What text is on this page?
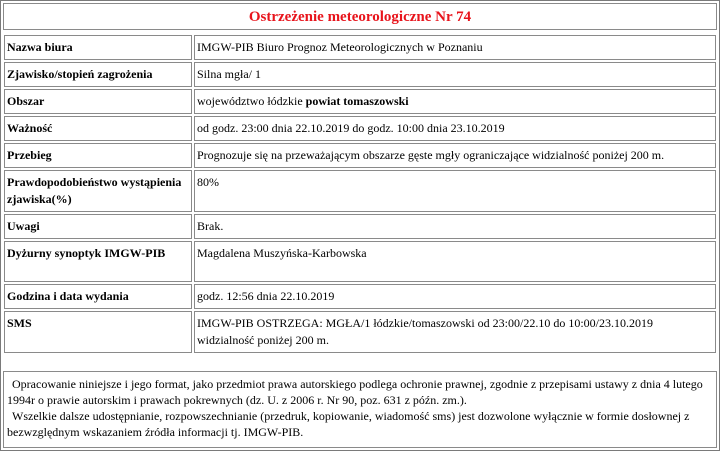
Ostrzeżenie meteorologiczne Nr 74
Nazwa biura	IMGW-PIB Biuro Prognoz Meteorologicznych w Poznaniu
Zjawisko/stopień zagrożenia	Silna mgła/ 1
Obszar	województwo łódzkie powiat tomaszowski
Ważność	od godz. 23:00 dnia 22.10.2019 do godz. 10:00 dnia 23.10.2019
Przebieg	Prognozuje się na przeważającym obszarze gęste mgły ograniczające widzialność poniżej 200 m.
Prawdopodobieństwo wystąpienia zjawiska(%)	80%
Uwagi	Brak.
Dyżurny synoptyk IMGW-PIB	Magdalena Muszyńska-Karbowska
Godzina i data wydania	godz. 12:56 dnia 22.10.2019
SMS	IMGW-PIB OSTRZEGA: MGŁA/1 łódzkie/tomaszowski od 23:00/22.10 do 10:00/23.10.2019 widzialność poniżej 200 m.

Opracowanie niniejsze i jego format, jako przedmiot prawa autorskiego podlega ochronie prawnej, zgodnie z przepisami ustawy z dnia 4 lutego 1994r o prawie autorskim i prawach pokrewnych (dz. U. z 2006 r. Nr 90, poz. 631 z późn. zm.).

Wszelkie dalsze udostępnianie, rozpowszechnianie (przedruk, kopiowanie, wiadomość sms) jest dozwolone wyłącznie w formie dosłownej z bezwzględnym wskazaniem źródła informacji tj. IMGW-PIB.
